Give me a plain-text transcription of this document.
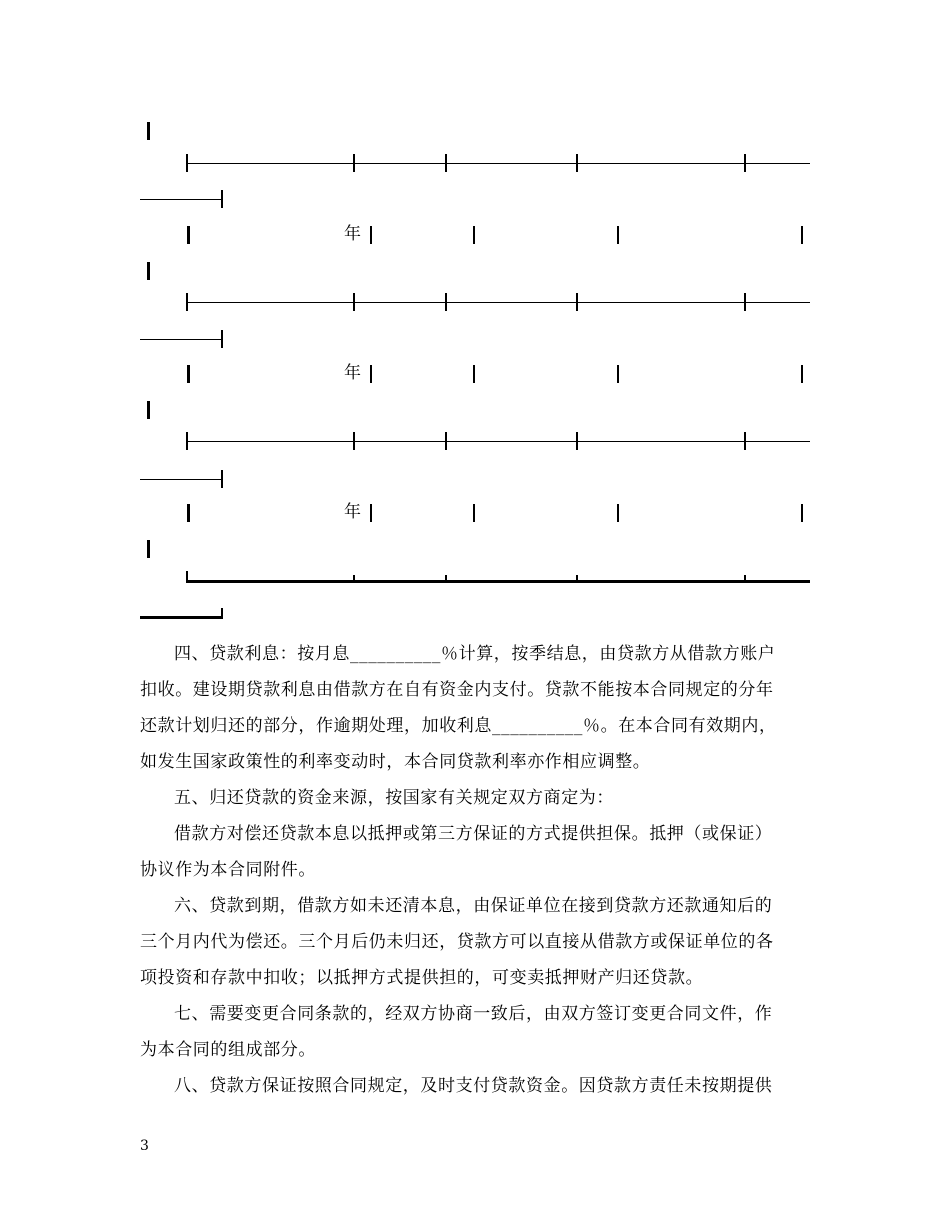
年
年
年
四、贷款利息：按月息__________％计算，按季结息，由贷款方从借款方账户
扣收。建设期贷款利息由借款方在自有资金内支付。贷款不能按本合同规定的分年
还款计划归还的部分，作逾期处理，加收利息__________％。在本合同有效期内，
如发生国家政策性的利率变动时，本合同贷款利率亦作相应调整。
五、归还贷款的资金来源，按国家有关规定双方商定为：
借款方对偿还贷款本息以抵押或第三方保证的方式提供担保。抵押（或保证）
协议作为本合同附件。
六、贷款到期，借款方如未还清本息，由保证单位在接到贷款方还款通知后的
三个月内代为偿还。三个月后仍未归还，贷款方可以直接从借款方或保证单位的各
项投资和存款中扣收；以抵押方式提供担的，可变卖抵押财产归还贷款。
七、需要变更合同条款的，经双方协商一致后，由双方签订变更合同文件，作
为本合同的组成部分。
八、贷款方保证按照合同规定，及时支付贷款资金。因贷款方责任未按期提供
3
